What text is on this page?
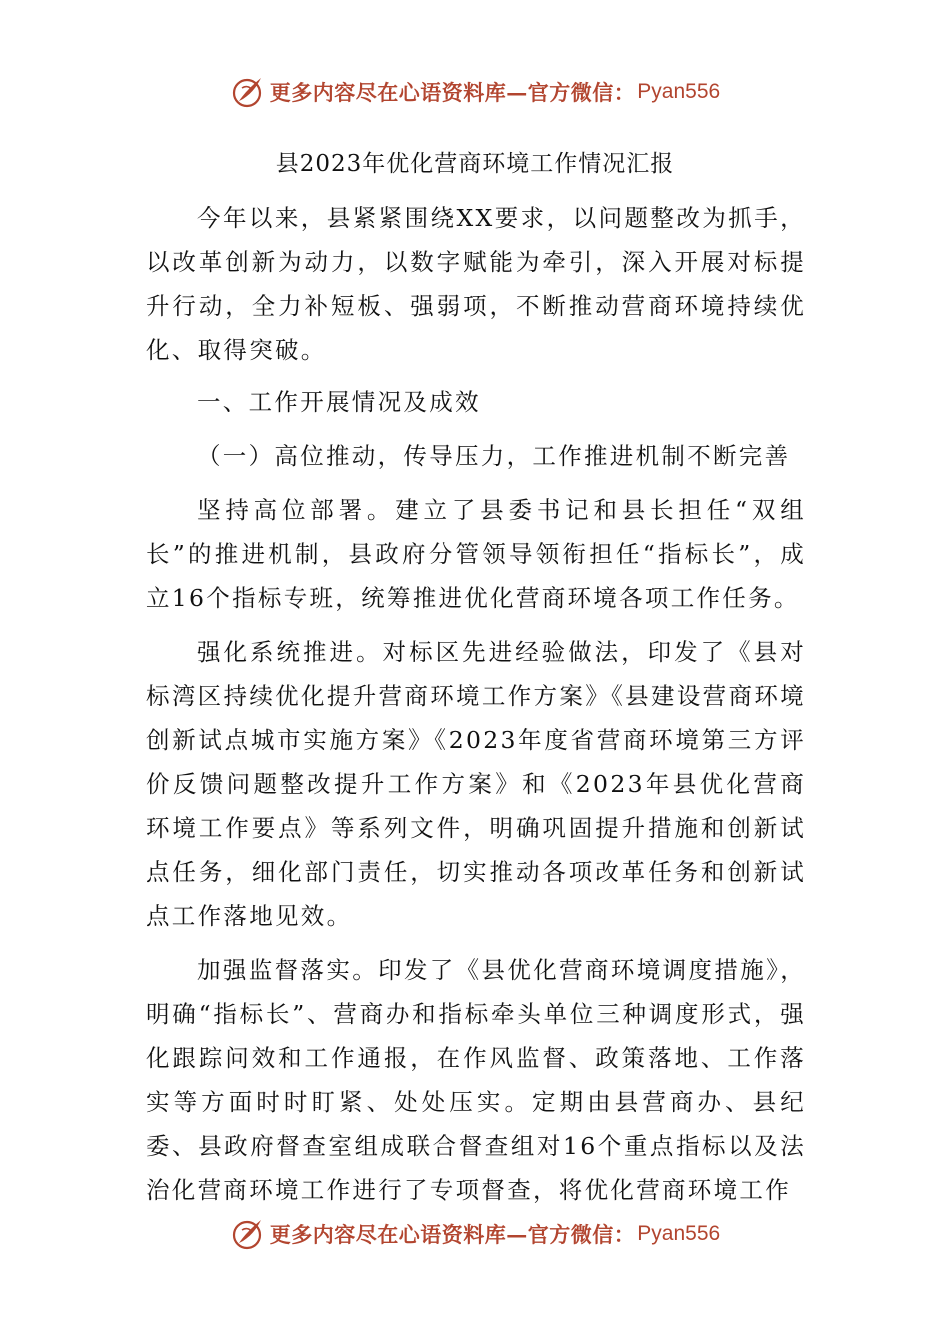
更多内容尽在心语资料库—官方微信： Pyan556
县2023年优化营商环境工作情况汇报

今年以来，县紧紧围绕XX要求，以问题整改为抓手，以改革创新为动力，以数字赋能为牵引，深入开展对标提升行动，全力补短板、强弱项，不断推动营商环境持续优化、取得突破。

一、工作开展情况及成效

（一）高位推动，传导压力，工作推进机制不断完善

坚持高位部署。建立了县委书记和县长担任“双组长”的推进机制，县政府分管领导领衔担任“指标长”，成立16个指标专班，统筹推进优化营商环境各项工作任务。

强化系统推进。对标区先进经验做法，印发了《县对标湾区持续优化提升营商环境工作方案》《县建设营商环境创新试点城市实施方案》《2023年度省营商环境第三方评价反馈问题整改提升工作方案》和《2023年县优化营商环境工作要点》等系列文件，明确巩固提升措施和创新试点任务，细化部门责任，切实推动各项改革任务和创新试点工作落地见效。

加强监督落实。印发了《县优化营商环境调度措施》，明确“指标长”、营商办和指标牵头单位三种调度形式，强化跟踪问效和工作通报，在作风监督、政策落地、工作落实等方面时时盯紧、处处压实。定期由县营商办、县纪委、县政府督查室组成联合督查组对16个重点指标以及法治化营商环境工作进行了专项督查，将优化营商环境工作

更多内容尽在心语资料库—官方微信： Pyan556
